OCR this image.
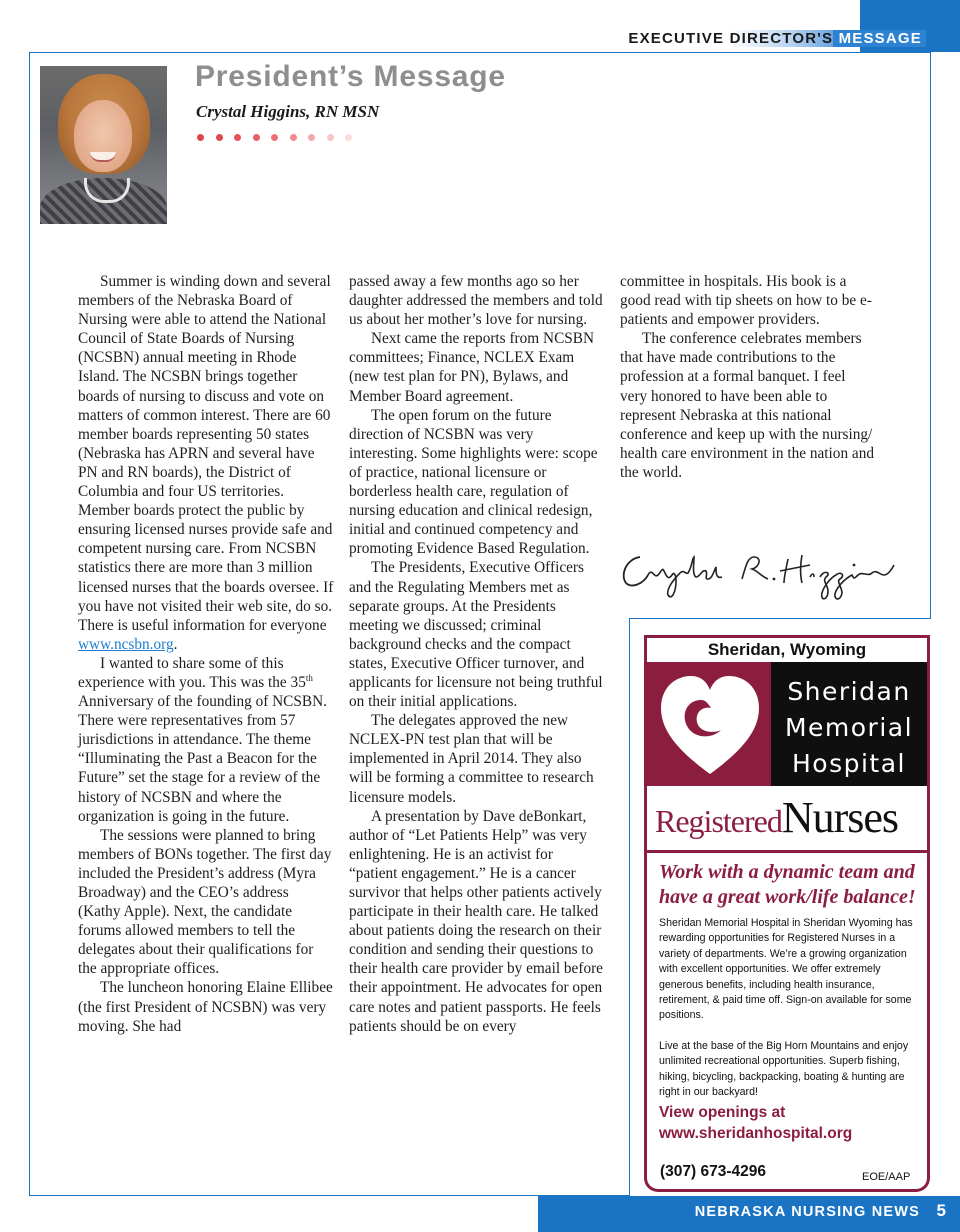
EXECUTIVE DIRECTOR'S MESSAGE
President’s Message
Crystal Higgins, RN MSN

Summer is winding down and several members of the Nebraska Board of Nursing were able to attend the National Council of State Boards of Nursing (NCSBN) annual meeting in Rhode Island. The NCSBN brings together boards of nursing to discuss and vote on matters of common interest. There are 60 member boards representing 50 states (Nebraska has APRN and several have PN and RN boards), the District of Columbia and four US territories. Member boards protect the public by ensuring licensed nurses provide safe and competent nursing care. From NCSBN statistics there are more than 3 million licensed nurses that the boards oversee. If you have not visited their web site, do so. There is useful information for everyone www.ncsbn.org.

I wanted to share some of this experience with you. This was the 35th Anniversary of the founding of NCSBN. There were representatives from 57 jurisdictions in attendance. The theme “Illuminating the Past a Beacon for the Future” set the stage for a review of the history of NCSBN and where the organization is going in the future.

The sessions were planned to bring members of BONs together. The first day included the President’s address (Myra Broadway) and the CEO’s address (Kathy Apple). Next, the candidate forums allowed members to tell the delegates about their qualifications for the appropriate offices.

The luncheon honoring Elaine Ellibee (the first President of NCSBN) was very moving. She had

passed away a few months ago so her daughter addressed the members and told us about her mother’s love for nursing.

Next came the reports from NCSBN committees; Finance, NCLEX Exam (new test plan for PN), Bylaws, and Member Board agreement.

The open forum on the future direction of NCSBN was very interesting. Some highlights were: scope of practice, national licensure or borderless health care, regulation of nursing education and clinical redesign, initial and continued competency and promoting Evidence Based Regulation.

The Presidents, Executive Officers and the Regulating Members met as separate groups. At the Presidents meeting we discussed; criminal background checks and the compact states, Executive Officer turnover, and applicants for licensure not being truthful on their initial applications.

The delegates approved the new NCLEX-PN test plan that will be implemented in April 2014. They also will be forming a committee to research licensure models.

A presentation by Dave deBonkart, author of “Let Patients Help” was very enlightening. He is an activist for “patient engagement.” He is a cancer survivor that helps other patients actively participate in their health care. He talked about patients doing the research on their condition and sending their questions to their health care provider by email before their appointment. He advocates for open care notes and patient passports. He feels patients should be on every

committee in hospitals. His book is a good read with tip sheets on how to be e-patients and empower providers.

The conference celebrates members that have made contributions to the profession at a formal banquet. I feel very honored to have been able to represent Nebraska at this national conference and keep up with the nursing/ health care environment in the nation and the world.

Sheridan, Wyoming
Sheridan
Memorial
Hospital
RegisteredNurses
Work with a dynamic team and have a great work/life balance!

Sheridan Memorial Hospital in Sheridan Wyoming has rewarding opportunities for Registered Nurses in a variety of departments. We’re a growing organization with excellent opportunities. We offer extremely generous benefits, including health insurance, retirement, & paid time off. Sign-on available for some positions.

Live at the base of the Big Horn Mountains and enjoy unlimited recreational opportunities. Superb fishing, hiking, bicycling, backpacking, boating & hunting are right in our backyard!

View openings at
www.sheridanhospital.org
(307) 673-4296	EOE/AAP
NEBRASKA NURSING NEWS 5
